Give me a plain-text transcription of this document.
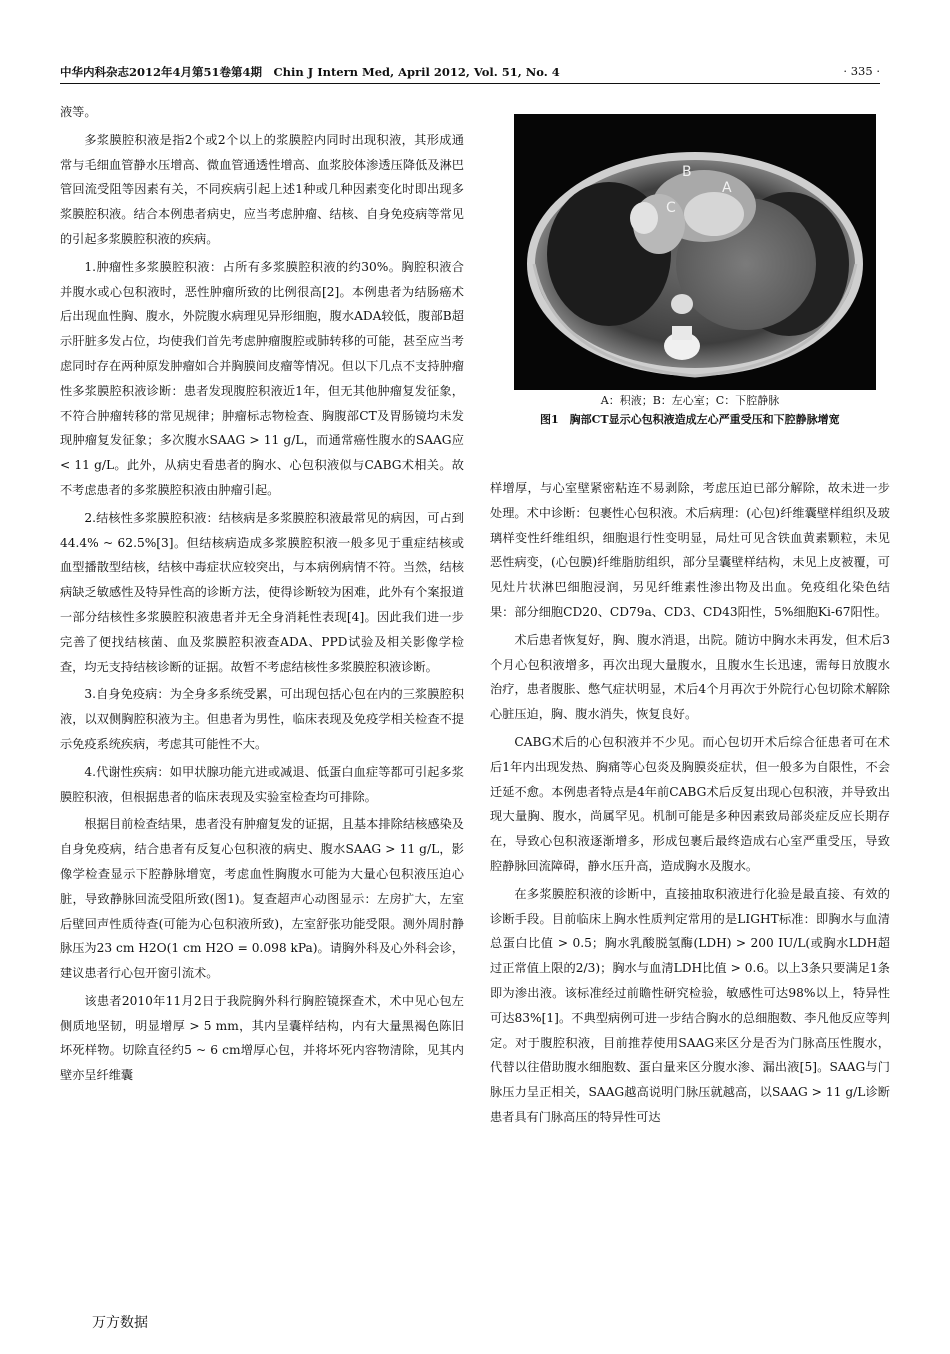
中华内科杂志2012年4月第51卷第4期　Chin J Intern Med, April 2012, Vol. 51, No. 4	· 335 ·

液等。

多浆膜腔积液是指2个或2个以上的浆膜腔内同时出现积液，其形成通常与毛细血管静水压增高、微血管通透性增高、血浆胶体渗透压降低及淋巴管回流受阻等因素有关，不同疾病引起上述1种或几种因素变化时即出现多浆膜腔积液。结合本例患者病史，应当考虑肿瘤、结核、自身免疫病等常见的引起多浆膜腔积液的疾病。

1.肿瘤性多浆膜腔积液：占所有多浆膜腔积液的约30%。胸腔积液合并腹水或心包积液时，恶性肿瘤所致的比例很高[2]。本例患者为结肠癌术后出现血性胸、腹水，外院腹水病理见异形细胞，腹水ADA较低，腹部B超示肝脏多发占位，均使我们首先考虑肿瘤腹腔或肺转移的可能，甚至应当考虑同时存在两种原发肿瘤如合并胸膜间皮瘤等情况。但以下几点不支持肿瘤性多浆膜腔积液诊断：患者发现腹腔积液近1年，但无其他肿瘤复发征象，不符合肿瘤转移的常见规律；肿瘤标志物检查、胸腹部CT及胃肠镜均未发现肿瘤复发征象；多次腹水SAAG > 11 g/L，而通常癌性腹水的SAAG应 < 11 g/L。此外，从病史看患者的胸水、心包积液似与CABG术相关。故不考虑患者的多浆膜腔积液由肿瘤引起。

2.结核性多浆膜腔积液：结核病是多浆膜腔积液最常见的病因，可占到44.4% ~ 62.5%[3]。但结核病造成多浆膜腔积液一般多见于重症结核或血型播散型结核，结核中毒症状应较突出，与本病例病情不符。当然，结核病缺乏敏感性及特异性高的诊断方法，使得诊断较为困难，此外有个案报道一部分结核性多浆膜腔积液患者并无全身消耗性表现[4]。因此我们进一步完善了便找结核菌、血及浆膜腔积液查ADA、PPD试验及相关影像学检查，均无支持结核诊断的证据。故暂不考虑结核性多浆膜腔积液诊断。

3.自身免疫病：为全身多系统受累，可出现包括心包在内的三浆膜腔积液，以双侧胸腔积液为主。但患者为男性，临床表现及免疫学相关检查不提示免疫系统疾病，考虑其可能性不大。

4.代谢性疾病：如甲状腺功能亢进或减退、低蛋白血症等都可引起多浆膜腔积液，但根据患者的临床表现及实验室检查均可排除。

根据目前检查结果，患者没有肿瘤复发的证据，且基本排除结核感染及自身免疫病，结合患者有反复心包积液的病史、腹水SAAG > 11 g/L，影像学检查显示下腔静脉增宽，考虑血性胸腹水可能为大量心包积液压迫心脏，导致静脉回流受阻所致(图1)。复查超声心动图显示：左房扩大，左室后壁回声性质待查(可能为心包积液所致)，左室舒张功能受限。测外周肘静脉压为23 cm H2O(1 cm H2O = 0.098 kPa)。请胸外科及心外科会诊，建议患者行心包开窗引流术。

该患者2010年11月2日于我院胸外科行胸腔镜探查术，术中见心包左侧质地坚韧，明显增厚 > 5 mm，其内呈囊样结构，内有大量黑褐色陈旧坏死样物。切除直径约5 ~ 6 cm增厚心包，并将坏死内容物清除，见其内壁亦呈纤维囊

B
A
C
A：积液；B：左心室；C：下腔静脉
图1　胸部CT显示心包积液造成左心严重受压和下腔静脉增宽

样增厚，与心室壁紧密粘连不易剥除，考虑压迫已部分解除，故未进一步处理。术中诊断：包裹性心包积液。术后病理：(心包)纤维囊壁样组织及玻璃样变性纤维组织，细胞退行性变明显，局灶可见含铁血黄素颗粒，未见恶性病变，(心包膜)纤维脂肪组织，部分呈囊壁样结构，未见上皮被覆，可见灶片状淋巴细胞浸润，另见纤维素性渗出物及出血。免疫组化染色结果：部分细胞CD20、CD79a、CD3、CD43阳性，5%细胞Ki-67阳性。

术后患者恢复好，胸、腹水消退，出院。随访中胸水未再发，但术后3个月心包积液增多，再次出现大量腹水，且腹水生长迅速，需每日放腹水治疗，患者腹胀、憋气症状明显，术后4个月再次于外院行心包切除术解除心脏压迫，胸、腹水消失，恢复良好。

CABG术后的心包积液并不少见。而心包切开术后综合征患者可在术后1年内出现发热、胸痛等心包炎及胸膜炎症状，但一般多为自限性，不会迁延不愈。本例患者特点是4年前CABG术后反复出现心包积液，并导致出现大量胸、腹水，尚属罕见。机制可能是多种因素致局部炎症反应长期存在，导致心包积液逐渐增多，形成包裹后最终造成右心室严重受压，导致腔静脉回流障碍，静水压升高，造成胸水及腹水。

在多浆膜腔积液的诊断中，直接抽取积液进行化验是最直接、有效的诊断手段。目前临床上胸水性质判定常用的是LIGHT标准：即胸水与血清总蛋白比值 > 0.5；胸水乳酸脱氢酶(LDH) > 200 IU/L(或胸水LDH超过正常值上限的2/3)；胸水与血清LDH比值 > 0.6。以上3条只要满足1条即为渗出液。该标准经过前瞻性研究检验，敏感性可达98%以上，特异性可达83%[1]。不典型病例可进一步结合胸水的总细胞数、李凡他反应等判定。对于腹腔积液，目前推荐使用SAAG来区分是否为门脉高压性腹水，代替以往借助腹水细胞数、蛋白量来区分腹水渗、漏出液[5]。SAAG与门脉压力呈正相关，SAAG越高说明门脉压就越高，以SAAG > 11 g/L诊断患者具有门脉高压的特异性可达

万方数据
